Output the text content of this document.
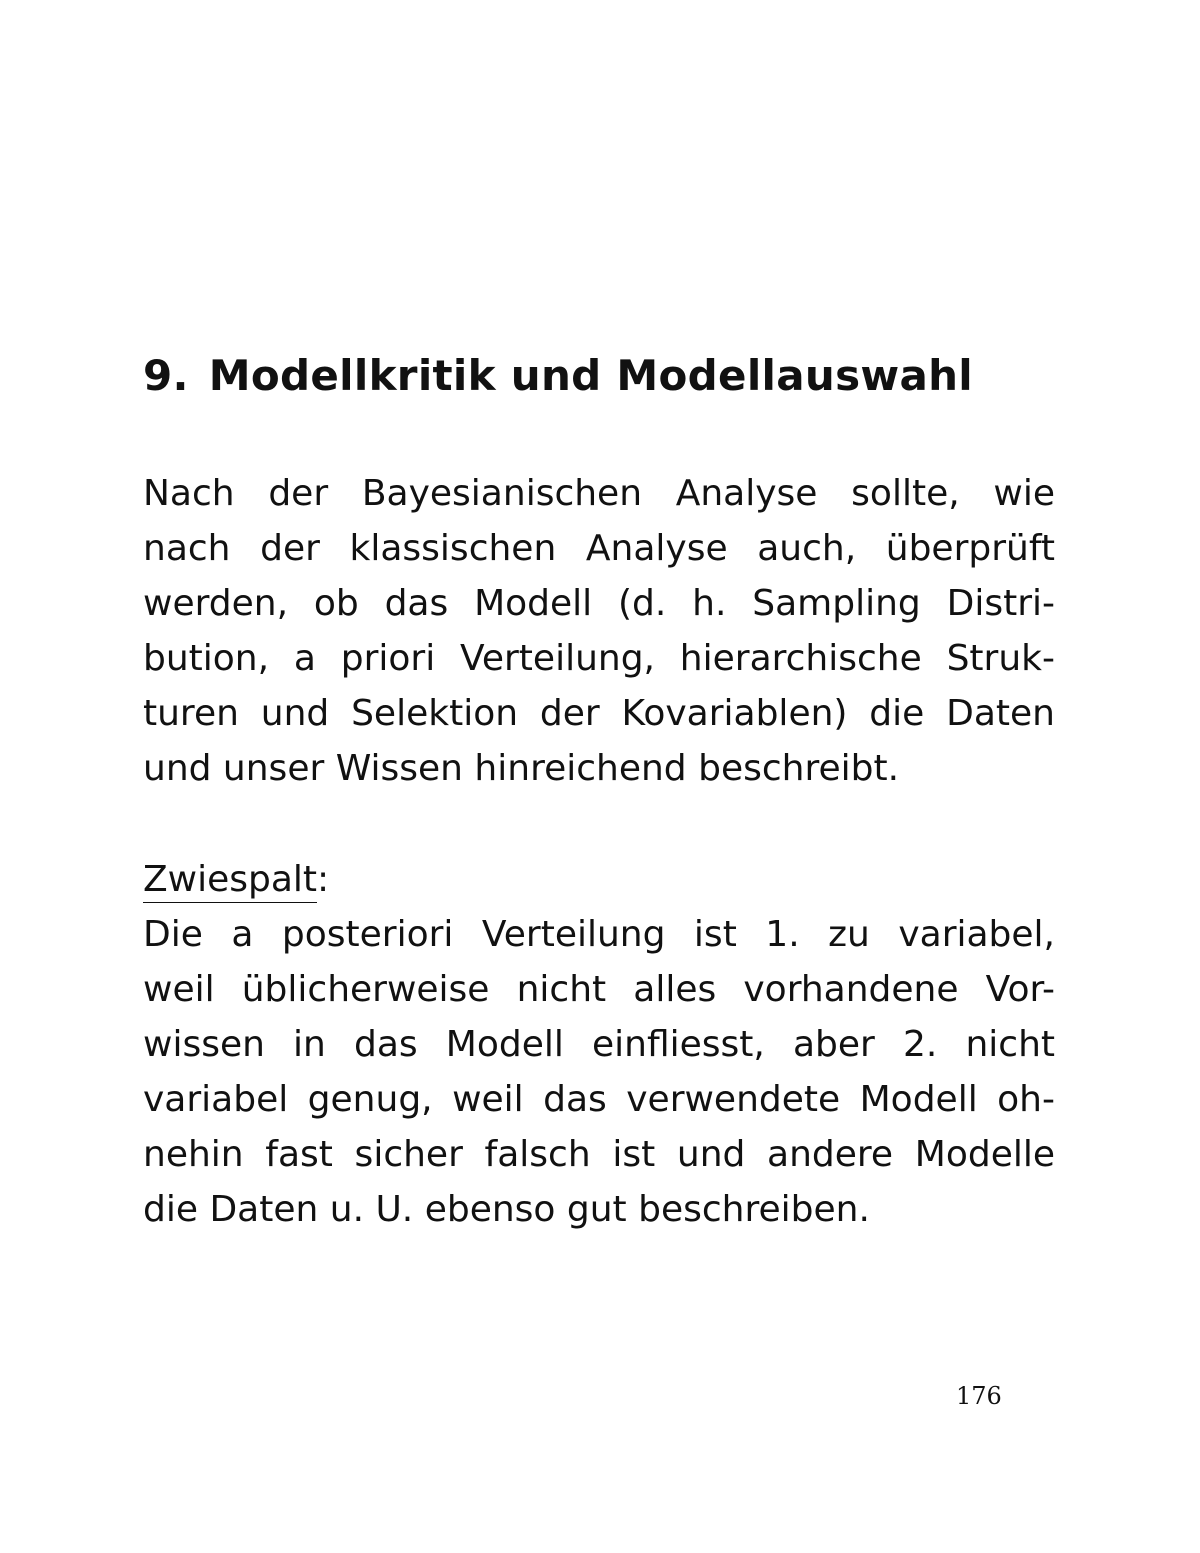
9. Modellkritik und Modellauswahl

Nach der Bayesianischen Analyse sollte, wie

nach der klassischen Analyse auch, überprüft

werden, ob das Modell (d. h. Sampling Distri-

bution, a priori Verteilung, hierarchische Struk-

turen und Selektion der Kovariablen) die Daten

und unser Wissen hinreichend beschreibt.

Zwiespalt:

Die a posteriori Verteilung ist 1. zu variabel,

weil üblicherweise nicht alles vorhandene Vor-

wissen in das Modell einfliesst, aber 2. nicht

variabel genug, weil das verwendete Modell oh-

nehin fast sicher falsch ist und andere Modelle

die Daten u. U. ebenso gut beschreiben.

176
